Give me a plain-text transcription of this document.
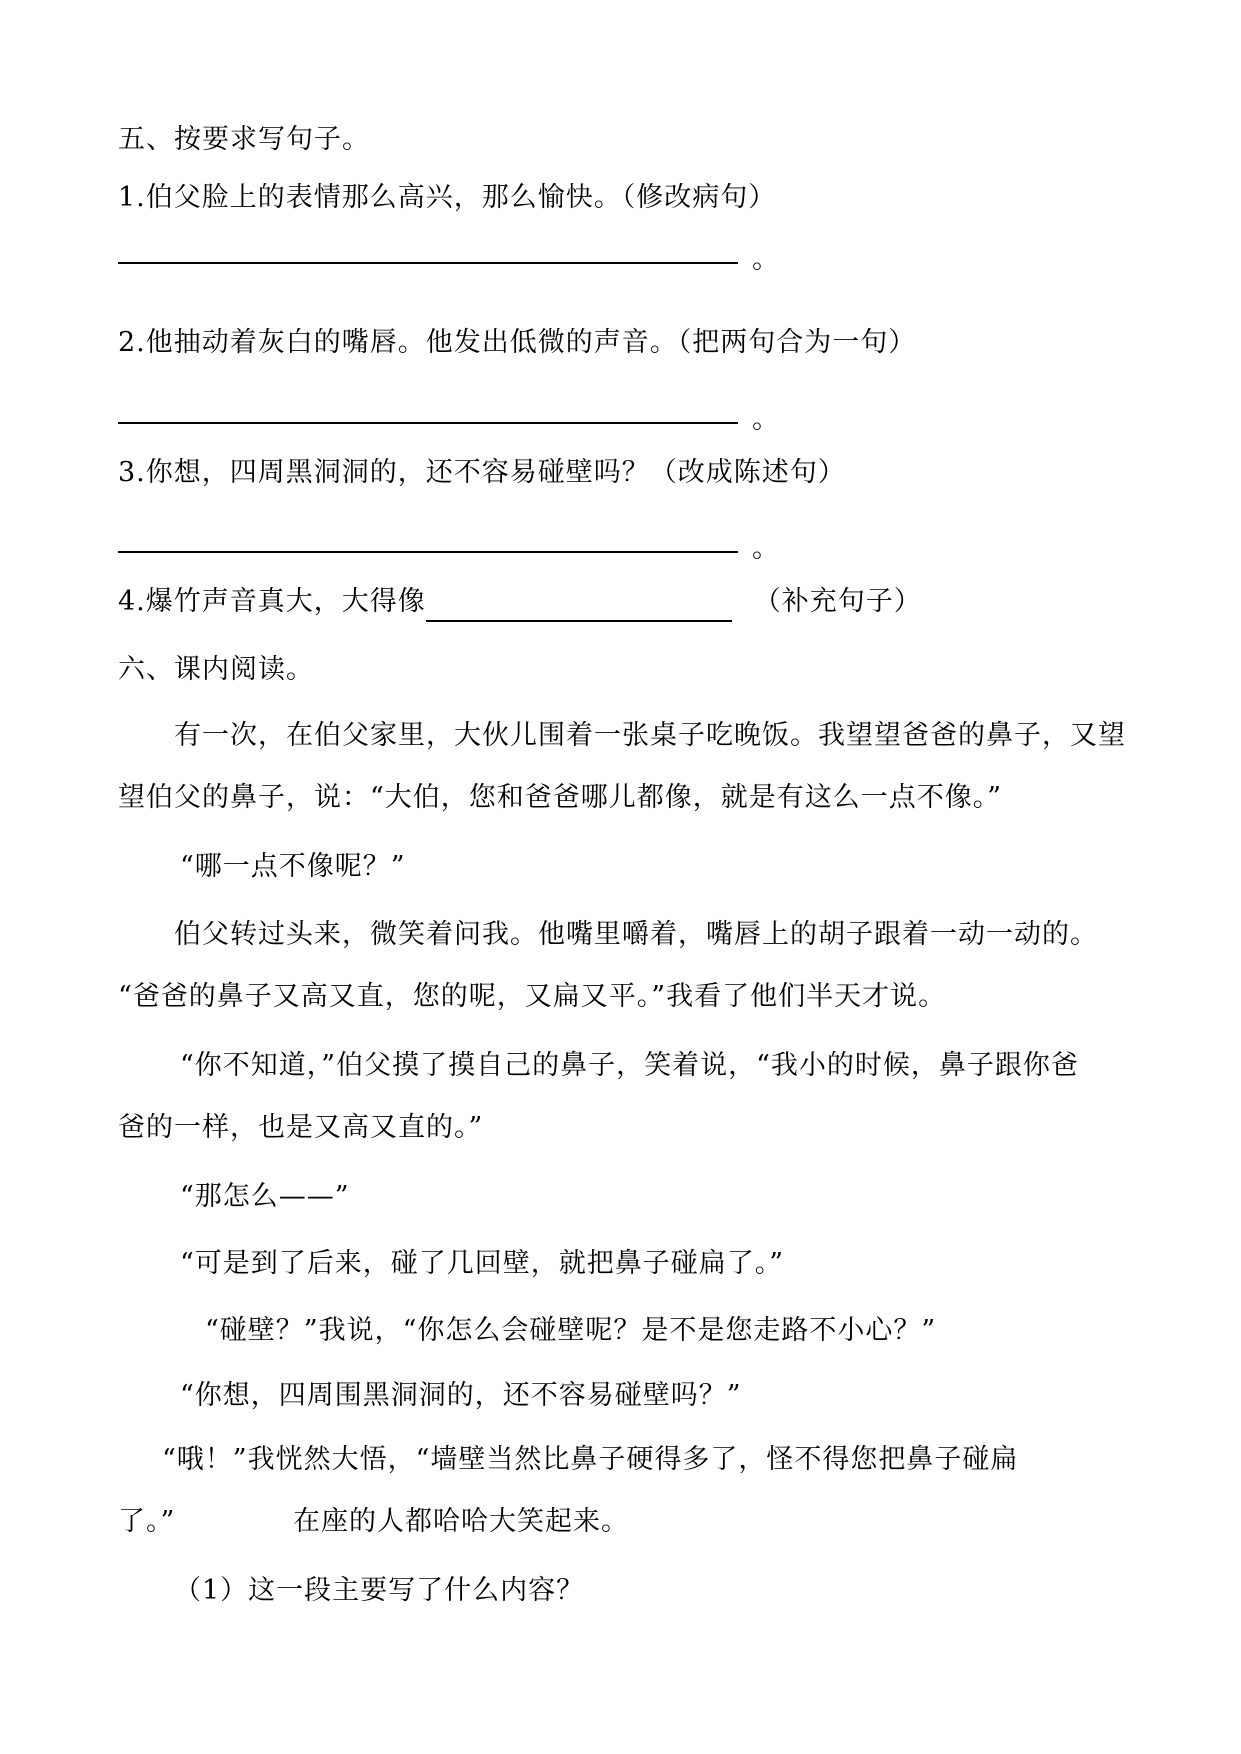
五、按要求写句子。
1.伯父脸上的表情那么高兴，那么愉快。（修改病句）
。
2.他抽动着灰白的嘴唇。他发出低微的声音。（把两句合为一句）
。
3.你想，四周黑洞洞的，还不容易碰壁吗？（改成陈述句）
。
4.爆竹声音真大，大得像	（补充句子）
六、课内阅读。
有一次，在伯父家里，大伙儿围着一张桌子吃晚饭。我望望爸爸的鼻子，又望
望伯父的鼻子，说：“大伯，您和爸爸哪儿都像，就是有这么一点不像。”
“哪一点不像呢？”
伯父转过头来，微笑着问我。他嘴里嚼着，嘴唇上的胡子跟着一动一动的。
“爸爸的鼻子又高又直，您的呢，又扁又平。”我看了他们半天才说。
“你不知道，”伯父摸了摸自己的鼻子，笑着说，“我小的时候，鼻子跟你爸
爸的一样，也是又高又直的。”
“那怎么——”
“可是到了后来，碰了几回壁，就把鼻子碰扁了。”
“碰壁？”我说，“你怎么会碰壁呢？是不是您走路不小心？”
“你想，四周围黑洞洞的，还不容易碰壁吗？”
“哦！”我恍然大悟，“墙壁当然比鼻子硬得多了，怪不得您把鼻子碰扁
了。”	在座的人都哈哈大笑起来。
（1）这一段主要写了什么内容？
